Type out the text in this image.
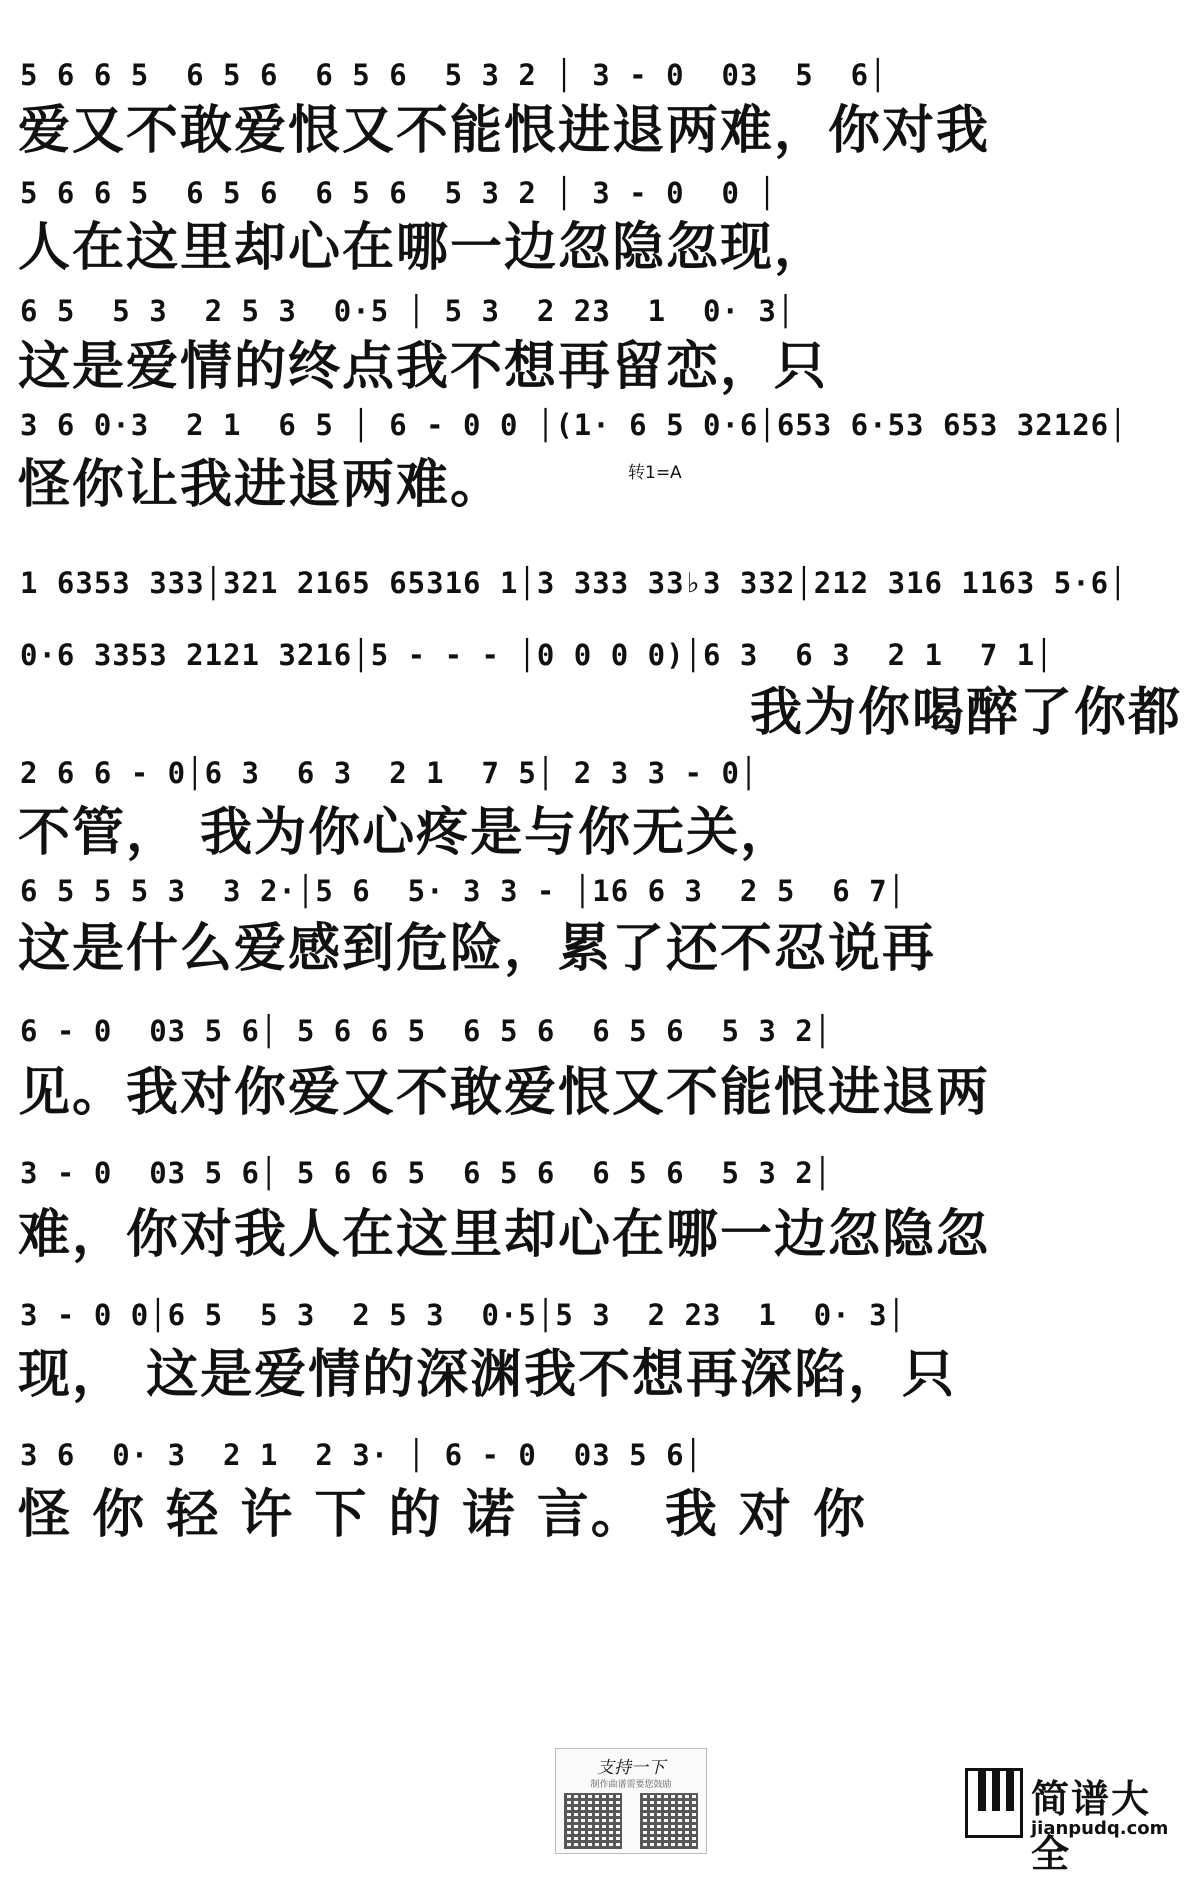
5 6 6 5  6 5 6  6 5 6  5 3 2 │ 3 - 0  03  5  6│
爱又不敢爱恨又不能恨进退两难，你对我
5 6 6 5  6 5 6  6 5 6  5 3 2 │ 3 - 0  0 │
人在这里却心在哪一边忽隐忽现，
6 5  5 3  2 5 3  0·5 │ 5 3  2 23  1  0· 3│
这是爱情的终点我不想再留恋，只
转1=A
3 6 0·3  2 1  6 5 │ 6 - 0 0 │(1· 6 5 0·6│653 6·53 653 32126│
怪你让我进退两难。
1 6353 333│321 2165 65316 1│3 333 33♭3 332│212 316 1163 5·6│
0·6 3353 2121 3216│5 - - - │0 0 0 0)│6 3  6 3  2 1  7 1│
我为你喝醉了你都
2 6 6 - 0│6 3  6 3  2 1  7 5│ 2 3 3 - 0│
不管， 我为你心疼是与你无关，
6 5 5 5 3  3 2·│5 6  5· 3 3 - │16 6 3  2 5  6 7│
这是什么爱感到危险，累了还不忍说再
6 - 0  03 5 6│ 5 6 6 5  6 5 6  6 5 6  5 3 2│
见。我对你爱又不敢爱恨又不能恨进退两
3 - 0  03 5 6│ 5 6 6 5  6 5 6  6 5 6  5 3 2│
难，你对我人在这里却心在哪一边忽隐忽
3 - 0 0│6 5  5 3  2 5 3  0·5│5 3  2 23  1  0· 3│
现， 这是爱情的深渊我不想再深陷，只
3 6  0· 3  2 1  2 3· │ 6 - 0  03 5 6│
怪 你 轻 许 下 的 诺 言。 我 对 你
支持一下
制作曲谱需要您鼓励	简谱大全
jianpudq.com
